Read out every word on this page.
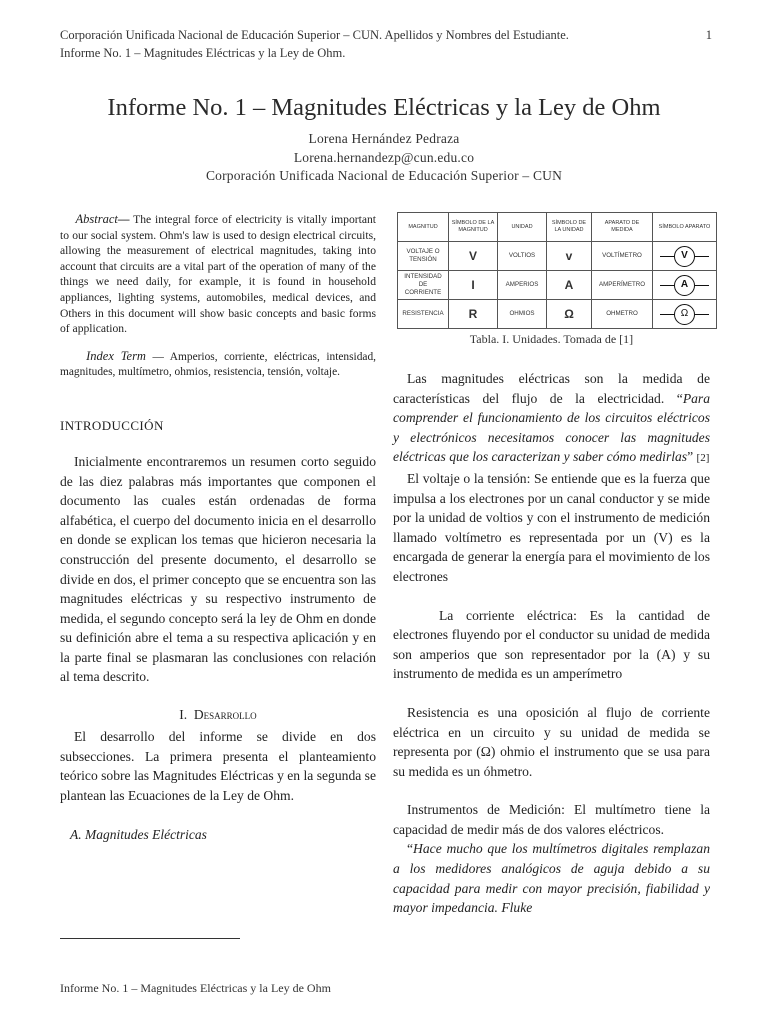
Corporación Unificada Nacional de Educación Superior – CUN. Apellidos y Nombres del Estudiante.	1
Informe No. 1 – Magnitudes Eléctricas y la Ley de Ohm.
Informe No. 1 – Magnitudes Eléctricas y la Ley de Ohm
Lorena Hernández Pedraza
Lorena.hernandezp@cun.edu.co
Corporación Unificada Nacional de Educación Superior – CUN

Abstract— The integral force of electricity is vitally important to our social system. Ohm's law is used to design electrical circuits, allowing the measurement of electrical magnitudes, taking into account that circuits are a vital part of the operation of many of the things we need daily, for example, it is found in household appliances, lighting systems, automobiles, medical devices, and Others in this document will show basic concepts and basic forms of application.

Index Term — Amperios, corriente, eléctricas, intensidad, magnitudes, multímetro, ohmios, resistencia, tensión, voltaje.

INTRODUCCIÓN

Inicialmente encontraremos un resumen corto seguido de las diez palabras más importantes que componen el documento las cuales están ordenadas de forma alfabética, el cuerpo del documento inicia en el desarrollo en donde se explican los temas que hicieron necesaria la construcción del presente documento, el desarrollo se divide en dos, el primer concepto que se encuentra son las magnitudes eléctricas y su respectivo instrumento de medida, el segundo concepto será la ley de Ohm en donde su definición abre el tema a su respectiva aplicación y en la parte final se plasmaran las conclusiones con relación al tema descrito.

I. Desarrollo

El desarrollo del informe se divide en dos subsecciones. La primera presenta el planteamiento teórico sobre las Magnitudes Eléctricas y en la segunda se plantean las Ecuaciones de la Ley de Ohm.

A. Magnitudes Eléctricas
MAGNITUD	SÍMBOLO DE LA MAGNITUD	UNIDAD	SÍMBOLO DE LA UNIDAD	APARATO DE MEDIDA	SÍMBOLO APARATO
VOLTAJE O TENSIÓN	V	VOLTIOS	v	VOLTÍMETRO	V

INTENSIDAD DE CORRIENTE	I	AMPERIOS	A	AMPERÍMETRO	A

RESISTENCIA	R	OHMIOS	Ω	OHMETRO	Ω

Tabla. I. Unidades. Tomada de [1]

Las magnitudes eléctricas son la medida de características del flujo de la electricidad. “Para comprender el funcionamiento de los circuitos eléctricos y electrónicos necesitamos conocer las magnitudes eléctricas que los caracterizan y saber cómo medirlas” [2]

El voltaje o la tensión: Se entiende que es la fuerza que impulsa a los electrones por un canal conductor y se mide por la unidad de voltios y con el instrumento de medición llamado voltímetro es representada por un (V) es la encargada de generar la energía para el movimiento de los electrones

La corriente eléctrica: Es la cantidad de electrones fluyendo por el conductor su unidad de medida son amperios que son representador por la (A) y su instrumento de medida es un amperímetro

Resistencia es una oposición al flujo de corriente eléctrica en un circuito y su unidad de medida se representa por (Ω) ohmio el instrumento que se usa para su medida es un óhmetro.

Instrumentos de Medición: El multímetro tiene la capacidad de medir más de dos valores eléctricos.

“Hace mucho que los multímetros digitales remplazan a los medidores analógicos de aguja debido a su capacidad para medir con mayor precisión, fiabilidad y mayor impedancia. Fluke

Informe No. 1 – Magnitudes Eléctricas y la Ley de Ohm
